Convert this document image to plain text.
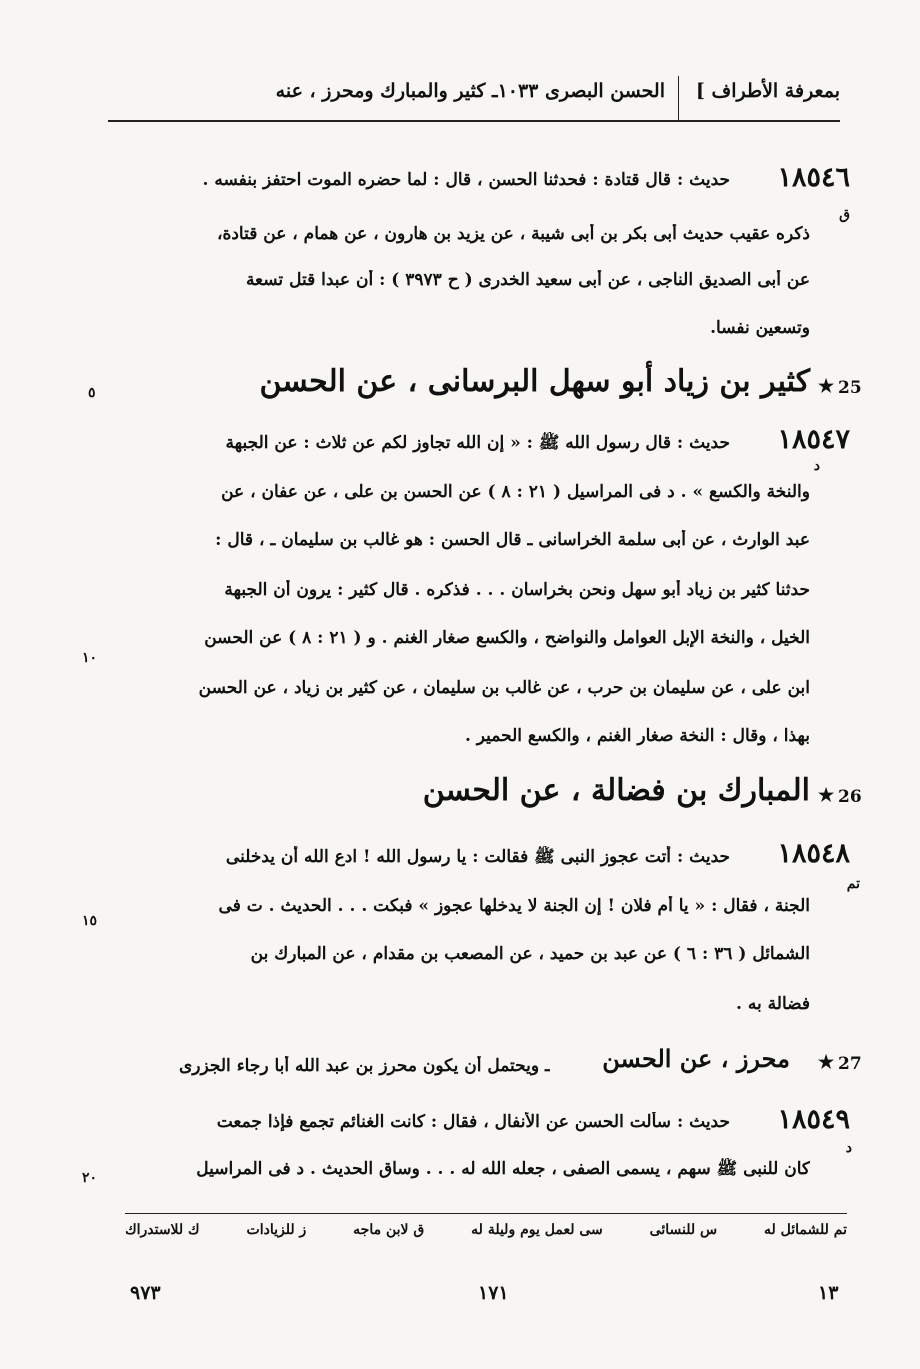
بمعرفة الأطراف ]
الحسن البصرى ١٠٣٣ـ كثير والمبارك ومحرز ، عنه
١٨٥٤٦
حديث : قال قتادة : فحدثنا الحسن ، قال : لما حضره الموت احتفز بنفسه .
ق
ذكره عقيب حديث أبى بكر بن أبى شيبة ، عن يزيد بن هارون ، عن همام ، عن قتادة،
عن أبى الصديق الناجى ، عن أبى سعيد الخدرى ( ح ٣٩٧٣ ) : أن عبدا قتل تسعة
وتسعين نفسا.
25
★
كثير بن زياد أبو سهل البرسانى ، عن الحسن
٥
١٨٥٤٧
حديث : قال رسول الله ﷺ : « إن الله تجاوز لكم عن ثلاث : عن الجبهة
د
والنخة والكسع » . د فى المراسيل ( ٢١ : ٨ ) عن الحسن بن على ، عن عفان ، عن
عبد الوارث ، عن أبى سلمة الخراسانى ـ قال الحسن : هو غالب بن سليمان ـ ، قال :
حدثنا كثير بن زياد أبو سهل ونحن بخراسان . . . فذكره . قال كثير : يرون أن الجبهة
الخيل ، والنخة الإبل العوامل والنواضح ، والكسع صغار الغنم . و ( ٢١ : ٨ ) عن الحسن
١٠
ابن على ، عن سليمان بن حرب ، عن غالب بن سليمان ، عن كثير بن زياد ، عن الحسن
بهذا ، وقال : النخة صغار الغنم ، والكسع الحمير .
26
★
المبارك بن فضالة ، عن الحسن
١٨٥٤٨
حديث : أتت عجوز النبى ﷺ فقالت : يا رسول الله ! ادع الله أن يدخلنى
تم
الجنة ، فقال : « يا أم فلان ! إن الجنة لا يدخلها عجوز » فبكت . . . الحديث . ت فى
١٥
الشمائل ( ٣٦ : ٦ ) عن عبد بن حميد ، عن المصعب بن مقدام ، عن المبارك بن
فضالة به .
27
★
محرز ، عن الحسن
ـ ويحتمل أن يكون محرز بن عبد الله أبا رجاء الجزرى
١٨٥٤٩
حديث : سألت الحسن عن الأنفال ، فقال : كانت الغنائم تجمع فإذا جمعت
د
كان للنبى ﷺ سهم ، يسمى الصفى ، جعله الله له . . . وساق الحديث . د فى المراسيل
٢٠
تم للشمائل له
س للنسائى
سى لعمل يوم وليلة له
ق لابن ماجه
ز للزيادات
ك للاستدراك
٩٧٣	١٧١	١٣
